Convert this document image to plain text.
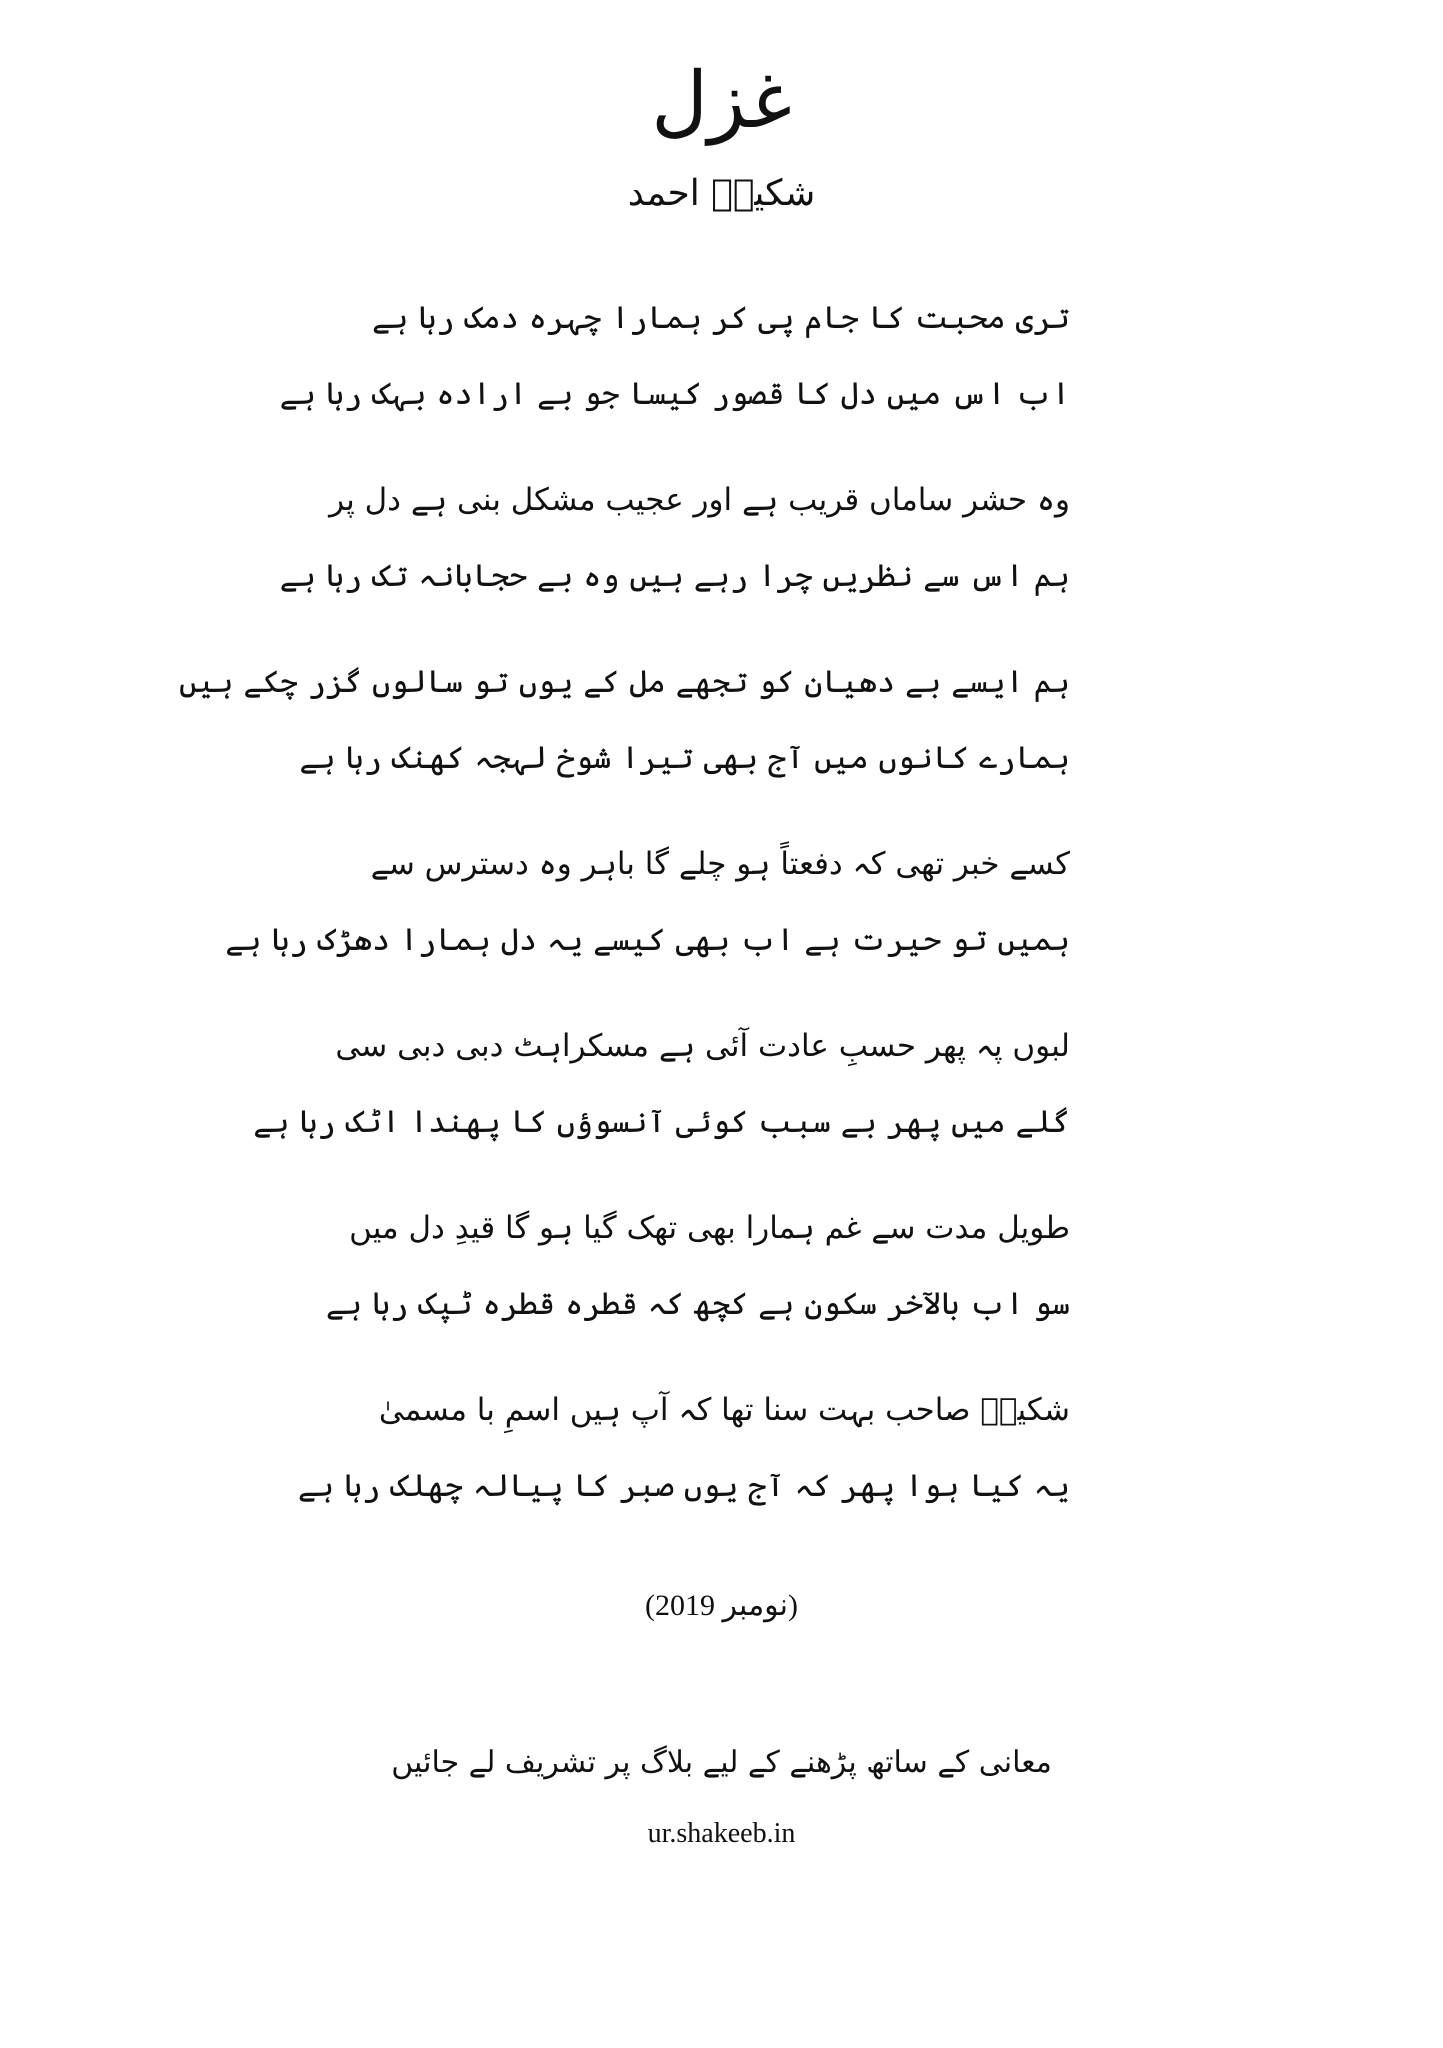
غزل
شکیبؔ احمد
تری محبت کا جام پی کر ہمارا چہرہ دمک رہا ہے
اب اس میں دل کا قصور کیسا جو بے ارادہ بہک رہا ہے
وہ حشر ساماں قریب ہے اور عجیب مشکل بنی ہے دل پر
ہم اس سے نظریں چرا رہے ہیں وہ بے حجابانہ تک رہا ہے
ہم ایسے بے دھیان کو تجھے مل کے یوں تو سالوں گزر چکے ہیں
ہمارے کانوں میں آج بھی تیرا شوخ لہجہ کھنک رہا ہے
کسے خبر تھی کہ دفعتاً ہو چلے گا باہر وہ دسترس سے
ہمیں تو حیرت ہے اب بھی کیسے یہ دل ہمارا دھڑک رہا ہے
لبوں پہ پھر حسبِ عادت آئی ہے مسکراہٹ دبی دبی سی
گلے میں پھر بے سبب کوئی آنسوؤں کا پھندا اٹک رہا ہے
طویل مدت سے غم ہمارا بھی تھک گیا ہو گا قیدِ دل میں
سو اب بالآخر سکون ہے کچھ کہ قطرہ قطرہ ٹپک رہا ہے
شکیبؔ صاحب بہت سنا تھا کہ آپ ہیں اسمِ با مسمیٰ
یہ کیا ہوا پھر کہ آج یوں صبر کا پیالہ چھلک رہا ہے
(نومبر 2019)
معانی کے ساتھ پڑھنے کے لیے بلاگ پر تشریف لے جائیں
ur.shakeeb.in
